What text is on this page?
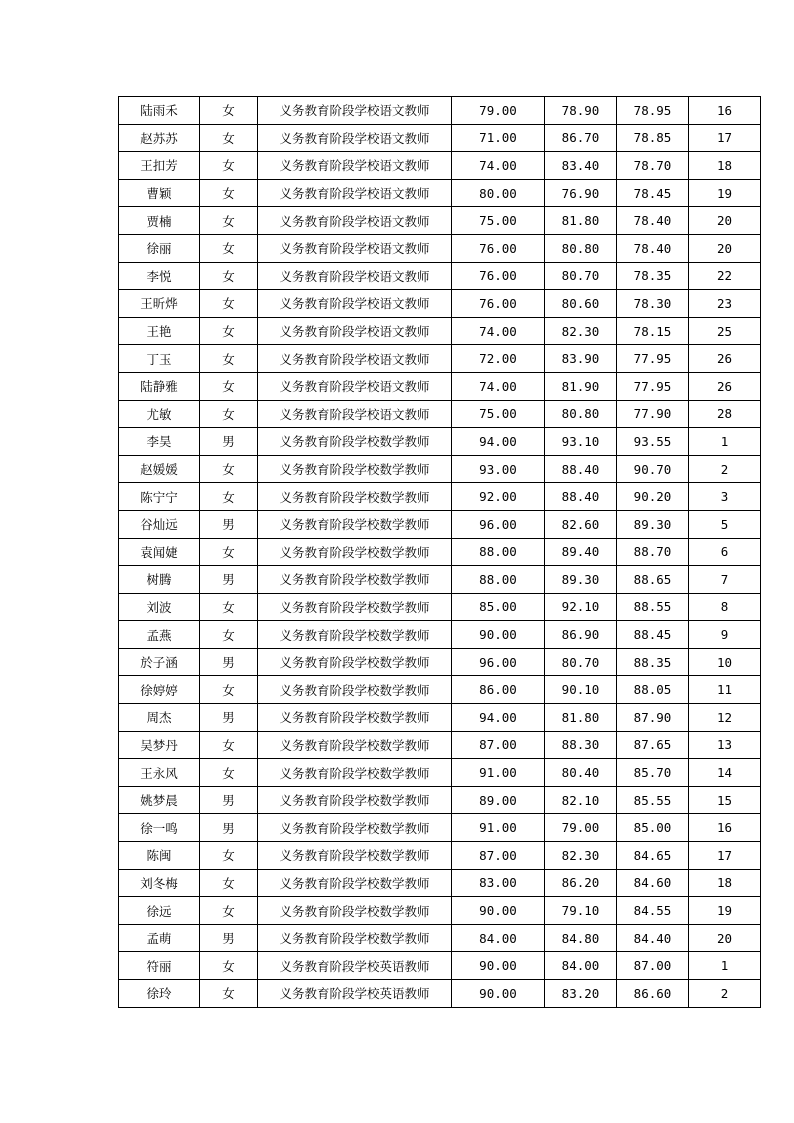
陆雨禾	女	义务教育阶段学校语文教师	79.00	78.90	78.95	16
赵苏苏	女	义务教育阶段学校语文教师	71.00	86.70	78.85	17
王扣芳	女	义务教育阶段学校语文教师	74.00	83.40	78.70	18
曹颖	女	义务教育阶段学校语文教师	80.00	76.90	78.45	19
贾楠	女	义务教育阶段学校语文教师	75.00	81.80	78.40	20
徐丽	女	义务教育阶段学校语文教师	76.00	80.80	78.40	20
李悦	女	义务教育阶段学校语文教师	76.00	80.70	78.35	22
王昕烨	女	义务教育阶段学校语文教师	76.00	80.60	78.30	23
王艳	女	义务教育阶段学校语文教师	74.00	82.30	78.15	25
丁玉	女	义务教育阶段学校语文教师	72.00	83.90	77.95	26
陆静雅	女	义务教育阶段学校语文教师	74.00	81.90	77.95	26
尤敏	女	义务教育阶段学校语文教师	75.00	80.80	77.90	28
李昊	男	义务教育阶段学校数学教师	94.00	93.10	93.55	1
赵媛媛	女	义务教育阶段学校数学教师	93.00	88.40	90.70	2
陈宁宁	女	义务教育阶段学校数学教师	92.00	88.40	90.20	3
谷灿远	男	义务教育阶段学校数学教师	96.00	82.60	89.30	5
袁闻婕	女	义务教育阶段学校数学教师	88.00	89.40	88.70	6
树腾	男	义务教育阶段学校数学教师	88.00	89.30	88.65	7
刘波	女	义务教育阶段学校数学教师	85.00	92.10	88.55	8
孟燕	女	义务教育阶段学校数学教师	90.00	86.90	88.45	9
於子涵	男	义务教育阶段学校数学教师	96.00	80.70	88.35	10
徐婷婷	女	义务教育阶段学校数学教师	86.00	90.10	88.05	11
周杰	男	义务教育阶段学校数学教师	94.00	81.80	87.90	12
吴梦丹	女	义务教育阶段学校数学教师	87.00	88.30	87.65	13
王永风	女	义务教育阶段学校数学教师	91.00	80.40	85.70	14
姚梦晨	男	义务教育阶段学校数学教师	89.00	82.10	85.55	15
徐一鸣	男	义务教育阶段学校数学教师	91.00	79.00	85.00	16
陈闽	女	义务教育阶段学校数学教师	87.00	82.30	84.65	17
刘冬梅	女	义务教育阶段学校数学教师	83.00	86.20	84.60	18
徐远	女	义务教育阶段学校数学教师	90.00	79.10	84.55	19
孟萌	男	义务教育阶段学校数学教师	84.00	84.80	84.40	20
符丽	女	义务教育阶段学校英语教师	90.00	84.00	87.00	1
徐玲	女	义务教育阶段学校英语教师	90.00	83.20	86.60	2
